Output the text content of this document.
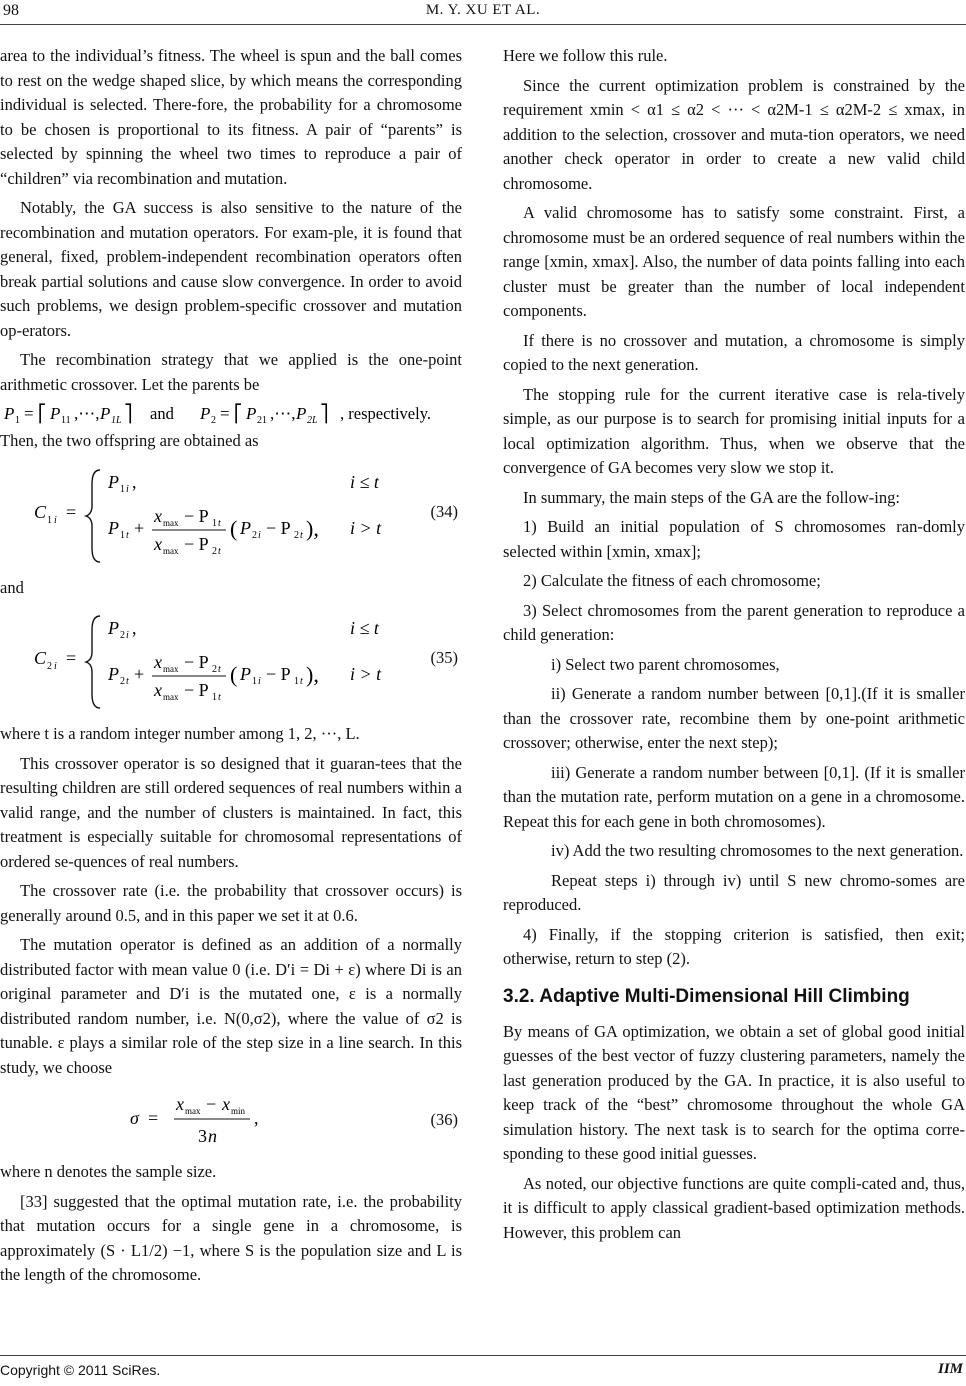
98	M. Y. XU ET AL.

area to the individual’s fitness. The wheel is spun and the ball comes to rest on the wedge shaped slice, by which means the corresponding individual is selected. There-fore, the probability for a chromosome to be chosen is proportional to its fitness. A pair of “parents” is selected by spinning the wheel two times to reproduce a pair of “children” via recombination and mutation.

Notably, the GA success is also sensitive to the nature of the recombination and mutation operators. For exam-ple, it is found that general, fixed, problem-independent recombination operators often break partial solutions and cause slow convergence. In order to avoid such problems, we design problem-specific crossover and mutation op-erators.

The recombination strategy that we applied is the one-point arithmetic crossover. Let the parents be

P 1 = ⎡ P 11 ,⋯, P 1L ⎤ and P 2 = ⎡ P 21 ,⋯, P 2L ⎤ , respectively.

Then, the two offspring are obtained as

C 1 i =
P 1 i ,	i ≤ t
P 1 t +
x max − P 1 t
x max − P 2 t
( P 2 i − P 2 t ), i > t
(34)

and

C 2 i =
P 2 i ,	i ≤ t
P 2 t +
x max − P 2 t
x max − P 1 t
( P 1 i − P 1 t ), i > t
(35)

where t is a random integer number among 1, 2, ···, L.

This crossover operator is so designed that it guaran-tees that the resulting children are still ordered sequences of real numbers within a valid range, and the number of clusters is maintained. In fact, this treatment is especially suitable for chromosomal representations of ordered se-quences of real numbers.

The crossover rate (i.e. the probability that crossover occurs) is generally around 0.5, and in this paper we set it at 0.6.

The mutation operator is defined as an addition of a normally distributed factor with mean value 0 (i.e. D′i = Di + ε) where Di is an original parameter and D′i is the mutated one, ε is a normally distributed random number, i.e. N(0,σ2), where the value of σ2 is tunable. ε plays a similar role of the step size in a line search. In this study, we choose

σ =
x max − x min
3 n
,	(36)

where n denotes the sample size.

[33] suggested that the optimal mutation rate, i.e. the probability that mutation occurs for a single gene in a chromosome, is approximately (S · L1/2) −1, where S is the population size and L is the length of the chromosome.

Here we follow this rule.

Since the current optimization problem is constrained by the requirement xmin < α1 ≤ α2 < ··· < α2M-1 ≤ α2M-2 ≤ xmax, in addition to the selection, crossover and muta-tion operators, we need another check operator in order to create a new valid child chromosome.

A valid chromosome has to satisfy some constraint. First, a chromosome must be an ordered sequence of real numbers within the range [xmin, xmax]. Also, the number of data points falling into each cluster must be greater than the number of local independent components.

If there is no crossover and mutation, a chromosome is simply copied to the next generation.

The stopping rule for the current iterative case is rela-tively simple, as our purpose is to search for promising initial inputs for a local optimization algorithm. Thus, when we observe that the convergence of GA becomes very slow we stop it.

In summary, the main steps of the GA are the follow-ing:

1) Build an initial population of S chromosomes ran-domly selected within [xmin, xmax];

2) Calculate the fitness of each chromosome;

3) Select chromosomes from the parent generation to reproduce a child generation:

i) Select two parent chromosomes,

ii) Generate a random number between [0,1].(If it is smaller than the crossover rate, recombine them by one-point arithmetic crossover; otherwise, enter the next step);

iii) Generate a random number between [0,1]. (If it is smaller than the mutation rate, perform mutation on a gene in a chromosome. Repeat this for each gene in both chromosomes).

iv) Add the two resulting chromosomes to the next generation.

Repeat steps i) through iv) until S new chromo-somes are reproduced.

4) Finally, if the stopping criterion is satisfied, then exit; otherwise, return to step (2).

3.2. Adaptive Multi-Dimensional Hill Climbing

By means of GA optimization, we obtain a set of global good initial guesses of the best vector of fuzzy clustering parameters, namely the last generation produced by the GA. In practice, it is also useful to keep track of the “best” chromosome throughout the whole GA simulation history. The next task is to search for the optima corre-sponding to these good initial guesses.

As noted, our objective functions are quite compli-cated and, thus, it is difficult to apply classical gradient-based optimization methods. However, this problem can

Copyright © 2011 SciRes.	IIM
